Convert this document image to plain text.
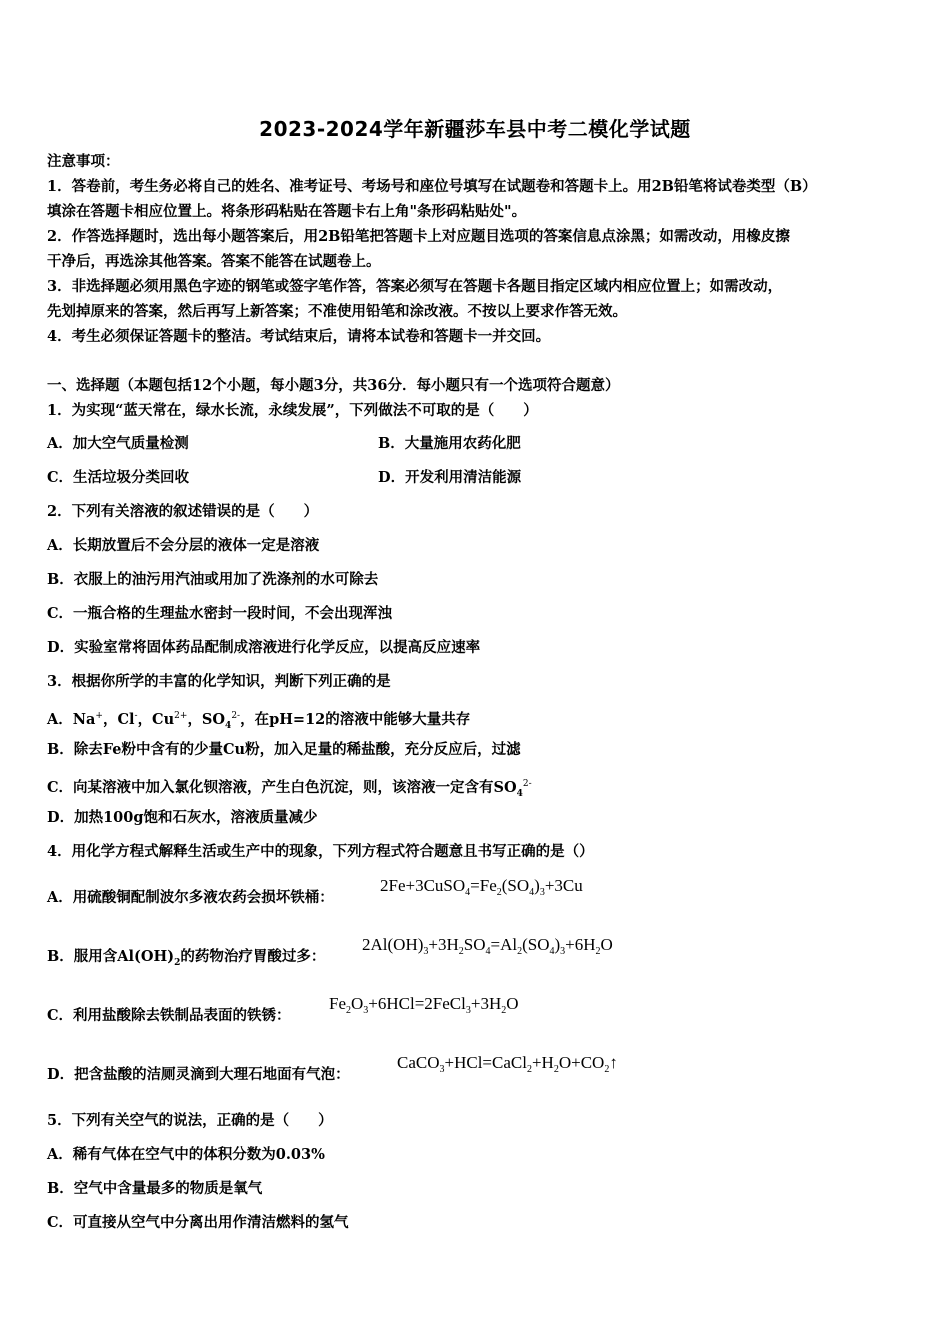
2023-2024学年新疆莎车县中考二模化学试题
注意事项：
1．答卷前，考生务必将自己的姓名、准考证号、考场号和座位号填写在试题卷和答题卡上。用2B铅笔将试卷类型（B）
填涂在答题卡相应位置上。将条形码粘贴在答题卡右上角"条形码粘贴处"。
2．作答选择题时，选出每小题答案后，用2B铅笔把答题卡上对应题目选项的答案信息点涂黑；如需改动，用橡皮擦
干净后，再选涂其他答案。答案不能答在试题卷上。
3．非选择题必须用黑色字迹的钢笔或签字笔作答，答案必须写在答题卡各题目指定区域内相应位置上；如需改动，
先划掉原来的答案，然后再写上新答案；不准使用铅笔和涂改液。不按以上要求作答无效。
4．考生必须保证答题卡的整洁。考试结束后，请将本试卷和答题卡一并交回。
一、选择题（本题包括12个小题，每小题3分，共36分．每小题只有一个选项符合题意）
1．为实现“蓝天常在，绿水长流，永续发展”，下列做法不可取的是（　　）
A．加大空气质量检测	B．大量施用农药化肥
C．生活垃圾分类回收	D．开发利用清洁能源
2．下列有关溶液的叙述错误的是（　　）
A．长期放置后不会分层的液体一定是溶液
B．衣服上的油污用汽油或用加了洗涤剂的水可除去
C．一瓶合格的生理盐水密封一段时间，不会出现浑浊
D．实验室常将固体药品配制成溶液进行化学反应，以提高反应速率
3．根据你所学的丰富的化学知识，判断下列正确的是
A．Na+，Cl-，$Cu^{2+}$，$SO_4^{2-}$，在pH=12的溶液中能够大量共存
B．除去Fe粉中含有的少量Cu粉，加入足量的稀盐酸，充分反应后，过滤
C．向某溶液中加入氯化钡溶液，产生白色沉淀，则，该溶液一定含有$SO_4^{2-}$
D．加热100g饱和石灰水，溶液质量减少
4．用化学方程式解释生活或生产中的现象，下列方程式符合题意且书写正确的是（）
A．用硫酸铜配制波尔多液农药会损坏铁桶：
$2Fe+3CuSO_4=Fe_2(SO_4)_3+3Cu$
B．服用含$Al(OH)_2$的药物治疗胃酸过多：
$2Al(OH)_3+3H_2SO_4=Al_2(SO_4)_3+6H_2O$
C．利用盐酸除去铁制品表面的铁锈：
$Fe_2O_3+6HCl=2FeCl_3+3H_2O$
D．把含盐酸的洁厕灵滴到大理石地面有气泡：
$CaCO_3+HCl=CaCl_2+H_2O+CO_2↑$
5．下列有关空气的说法，正确的是（　　）
A．稀有气体在空气中的体积分数为0.03%
B．空气中含量最多的物质是氧气
C．可直接从空气中分离出用作清洁燃料的氢气
